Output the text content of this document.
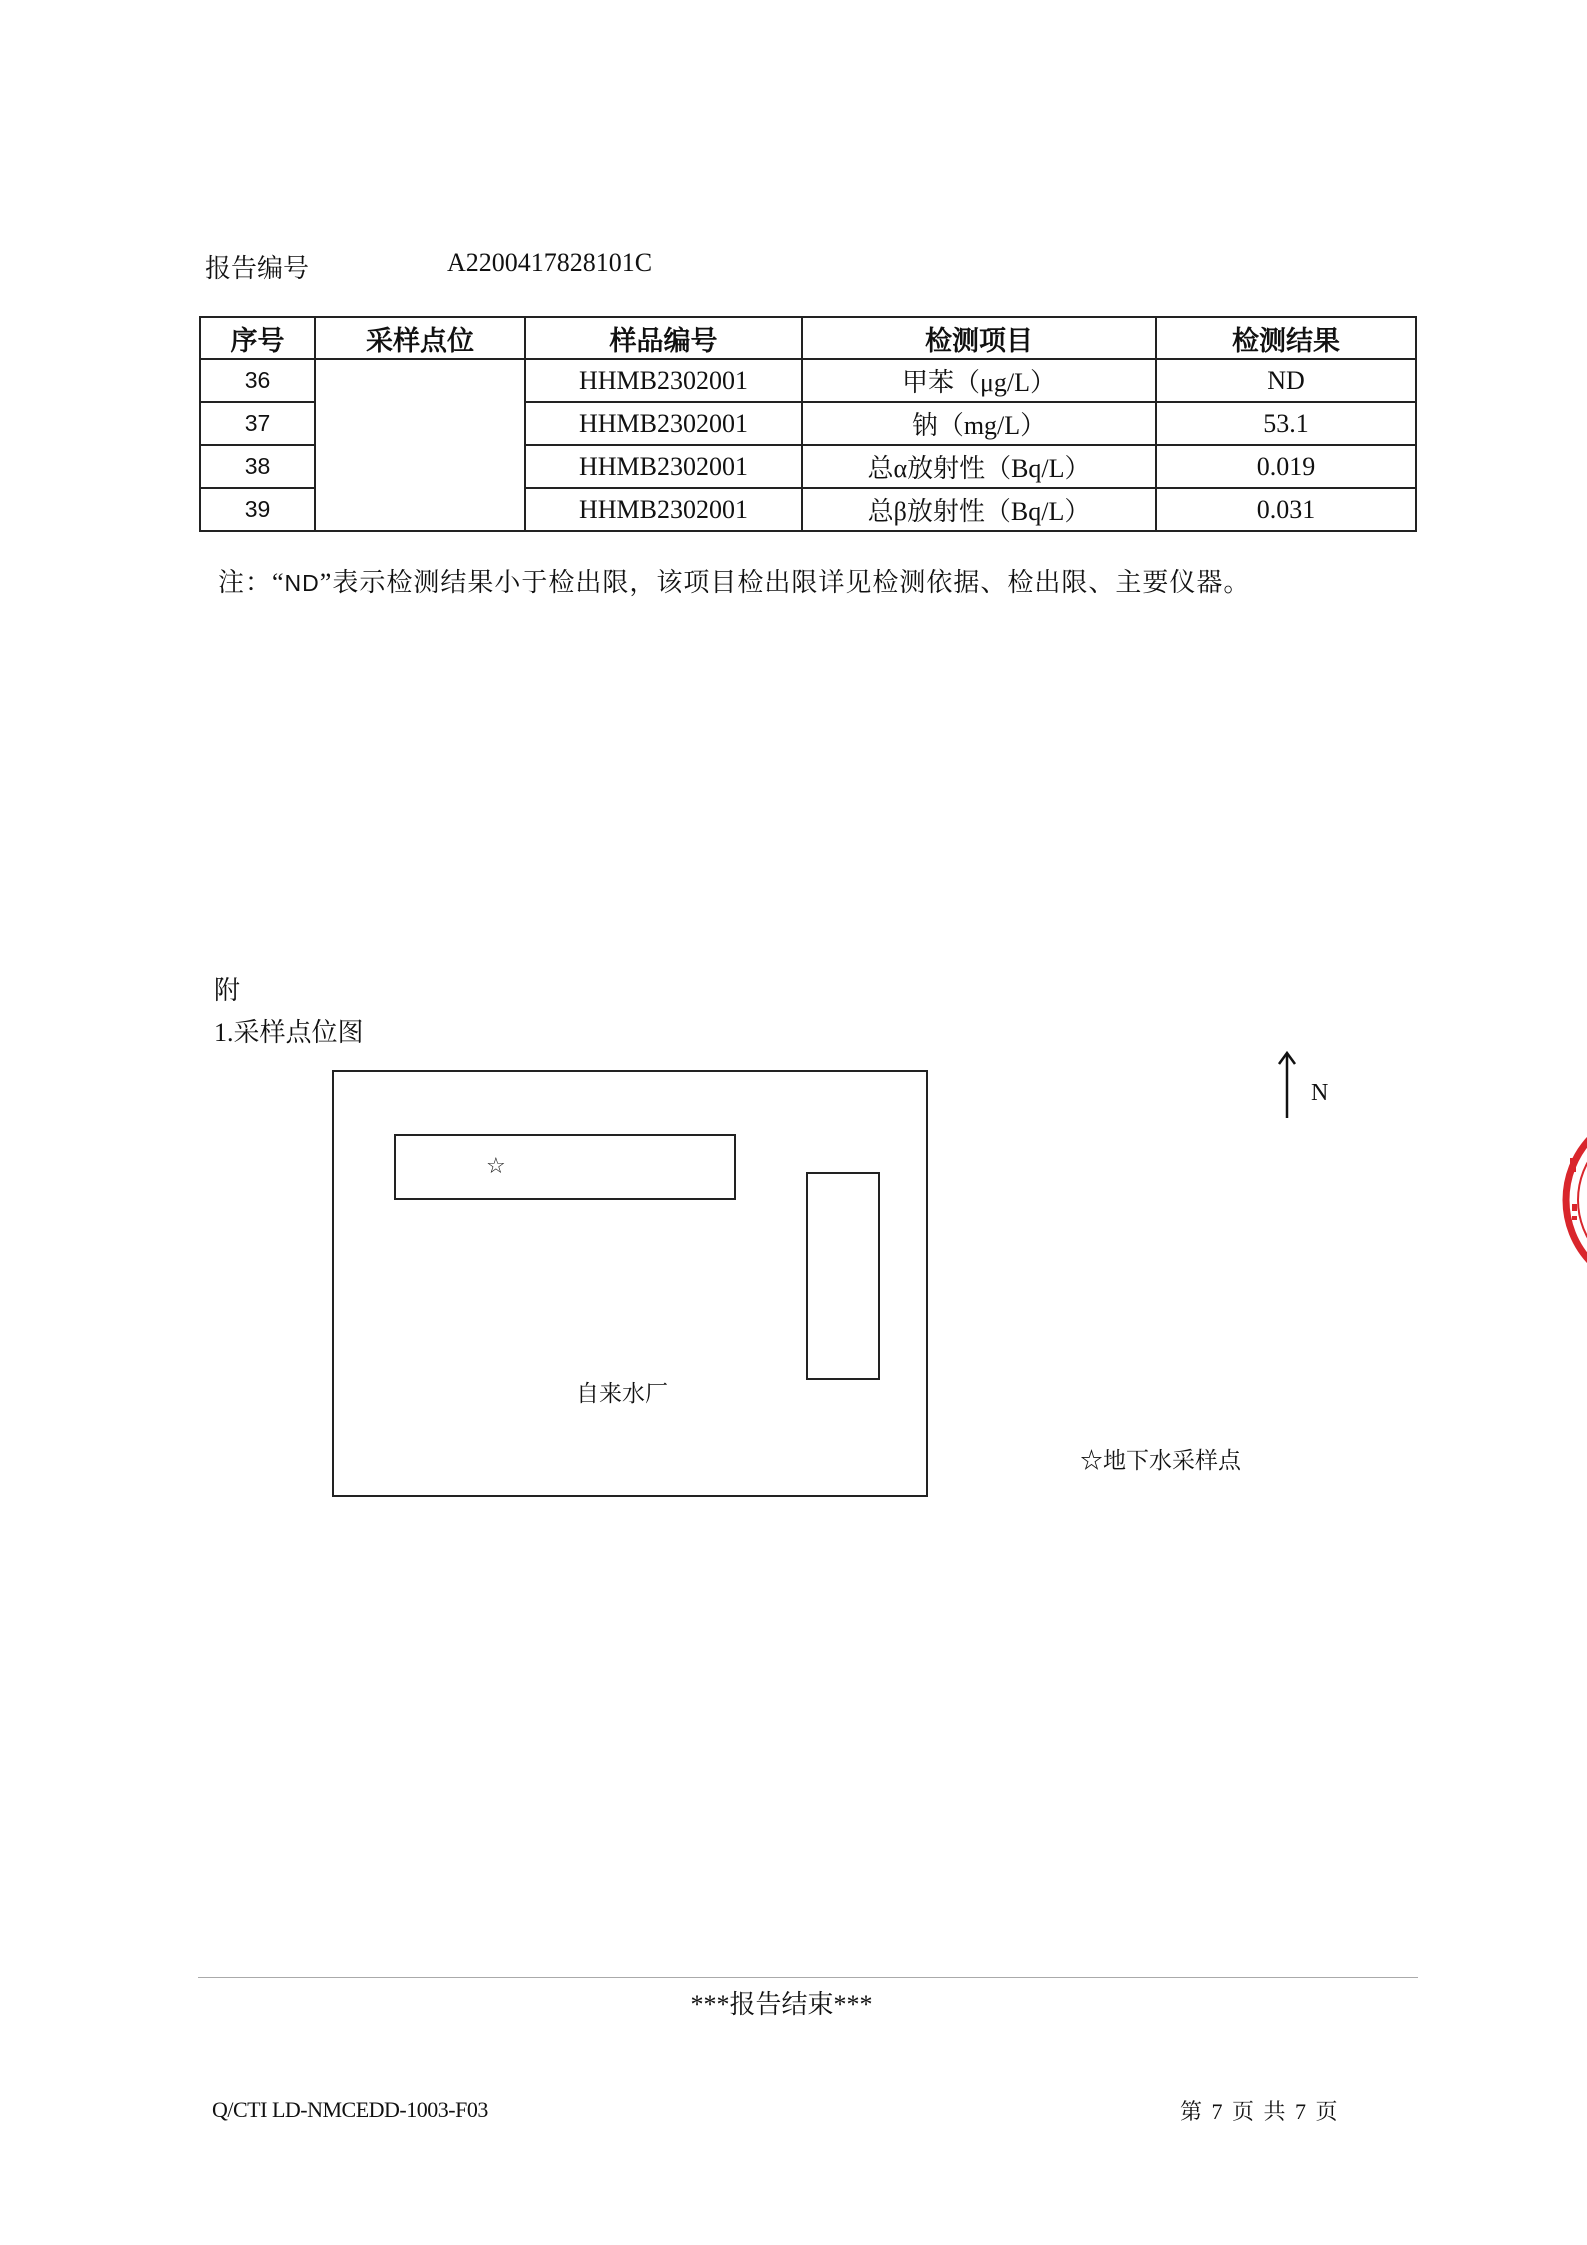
报告编号	A2200417828101C
序号	采样点位	样品编号	检测项目	检测结果
36		HHMB2302001	甲苯（μg/L）	ND
37		HHMB2302001	钠（mg/L）	53.1
38		HHMB2302001	总α放射性（Bq/L）	0.019
39		HHMB2302001	总β放射性（Bq/L）	0.031
注：“ND”表示检测结果小于检出限，该项目检出限详见检测依据、检出限、主要仪器。
附
1.采样点位图
☆
自来水厂
N
☆地下水采样点
***报告结束***
Q/CTI LD-NMCEDD-1003-F03	第 7 页 共 7 页
